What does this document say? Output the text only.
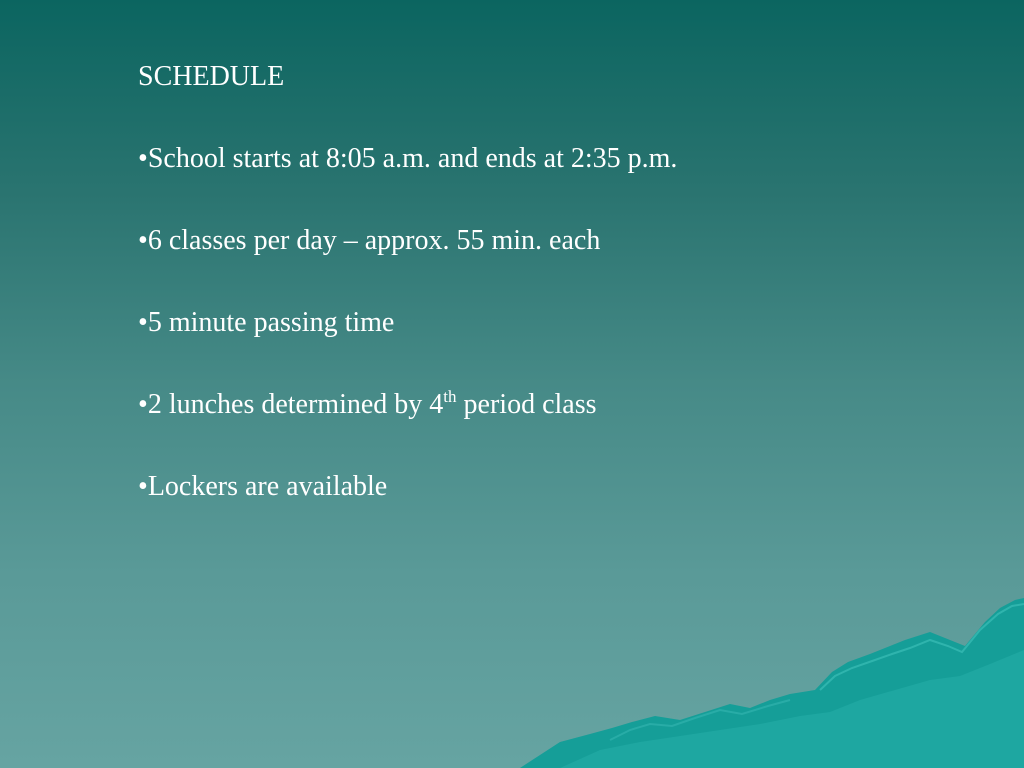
SCHEDULE
•School starts at 8:05 a.m. and ends at 2:35 p.m.
•6 classes per day – approx. 55 min. each
•5 minute passing time
•2 lunches determined by 4th period class
•Lockers are available
